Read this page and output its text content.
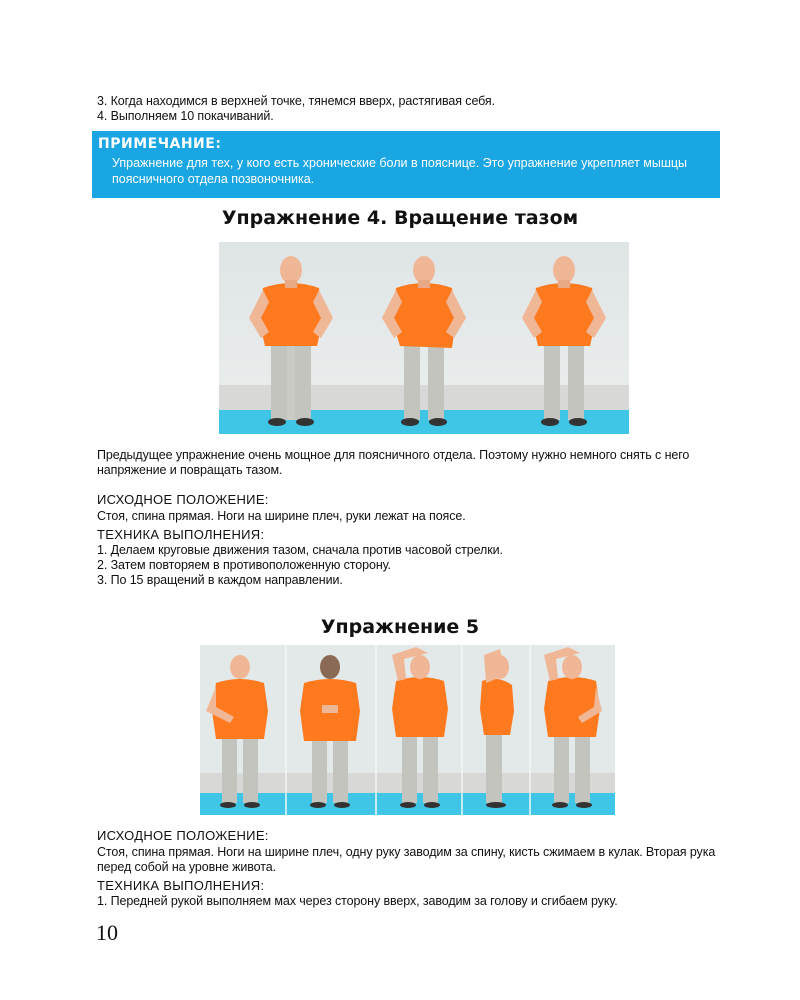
3. Когда находимся в верхней точке, тянемся вверх, растягивая себя.

4. Выполняем 10 покачиваний.

ПРИМЕЧАНИЕ:
Упражнение для тех, у кого есть хронические боли в пояснице. Это упражнение укрепляет мышцы поясничного отдела позвоночника.
Упражнение 4. Вращение тазом
Предыдущее упражнение очень мощное для поясничного отдела. Поэтому нужно немного снять с него напряжение и повращать тазом.
ИСХОДНОЕ ПОЛОЖЕНИЕ:
Стоя, спина прямая. Ноги на ширине плеч, руки лежат на поясе.
ТЕХНИКА ВЫПОЛНЕНИЯ:

1. Делаем круговые движения тазом, сначала против часовой стрелки.

2. Затем повторяем в противоположенную сторону.

3. По 15 вращений в каждом направлении.

Упражнение 5
ИСХОДНОЕ ПОЛОЖЕНИЕ:
Стоя, спина прямая. Ноги на ширине плеч, одну руку заводим за спину, кисть сжимаем в кулак. Вторая рука перед собой на уровне живота.
ТЕХНИКА ВЫПОЛНЕНИЯ:

1. Передней рукой выполняем мах через сторону вверх, заводим за голову и сгибаем руку.

10
